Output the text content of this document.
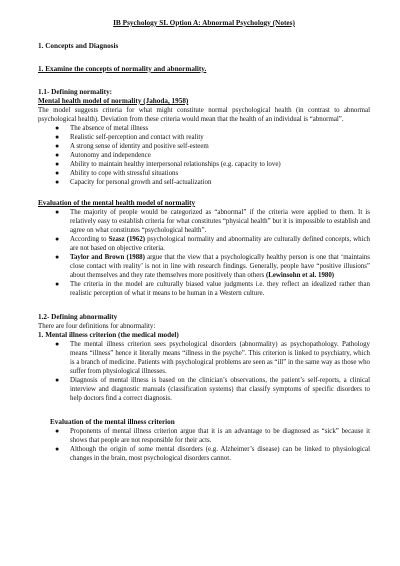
IB Psychology SL Option A: Abnormal Psychology (Notes)
1. Concepts and Diagnosis
1. Examine the concepts of normality and abnormality.
1.1- Defining normality:
Mental health model of normality (Jahoda, 1958)

The model suggests criteria for what might constitute normal psychological health (in contrast to abnormal psychological health). Deviation from these criteria would mean that the health of an individual is “abnormal”.

● The absence of metal illness
● Realistic self-perception and contact with reality
● A strong sense of identity and positive self-esteem
● Autonomy and independence
● Ability to maintain healthy interpersonal relationships (e.g. capacity to love)
● Ability to cope with stressful situations
● Capacity for personal growth and self-actualization
Evaluation of the mental health model of normality
● The majority of people would be categorized as “abnormal” if the criteria were applied to them. It is relatively easy to establish criteria for what constitutes “physical health” but it is impossible to establish and agree on what constitutes “psychological health”.
● According to Szasz (1962) psychological normality and abnormality are culturally defined concepts, which are not based on objective criteria.
● Taylor and Brown (1988) argue that the view that a psychologically healthy person is one that ‘maintains close contact with reality’ is not in line with research findings. Generally, people have “positive illusions” about themselves and they rate themselves more positively than others (Lewinsohn et al. 1980)
● The criteria in the model are culturally biased value judgments i.e. they reflect an idealized rather than realistic perception of what it means to be human in a Western culture.
1.2- Defining abnormality

There are four definitions for abnormality:

1. Mental illness criterion (the medical model)
● The mental illness criterion sees psychological disorders (abnormality) as psychopathology. Pathology means “illness” hence it literally means “illness in the psyche”. This criterion is linked to psychiatry, which is a branch of medicine. Patients with psychological problems are seen as “ill” in the same way as those who suffer from physiological illnesses.
● Diagnosis of mental illness is based on the clinician’s observations, the patient’s self-reports, a clinical interview and diagnostic manuals (classification systems) that classify symptoms of specific disorders to help doctors find a correct diagnosis.
Evaluation of the mental illness criterion
● Proponents of mental illness criterion argue that it is an advantage to be diagnosed as “sick” because it shows that people are not responsible for their acts.
● Although the origin of some mental disorders (e.g. Alzheimer’s disease) can be linked to physiological changes in the brain, most psychological disorders cannot.
